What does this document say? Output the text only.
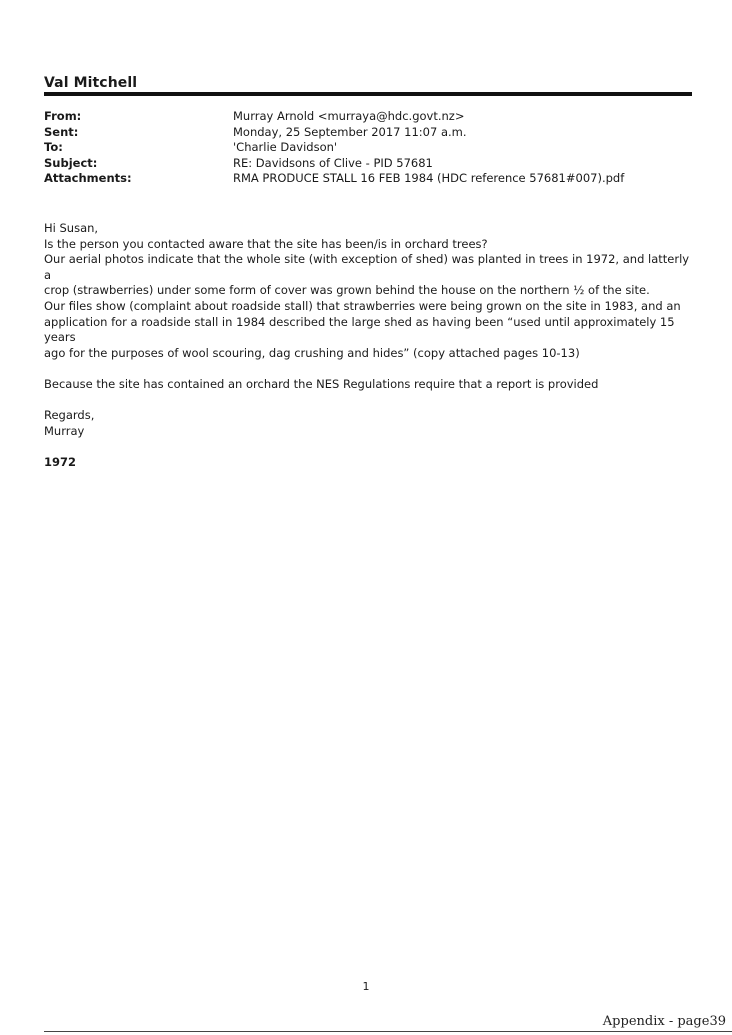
Val Mitchell
From:	Murray Arnold <murraya@hdc.govt.nz>
Sent:	Monday, 25 September 2017 11:07 a.m.
To:	'Charlie Davidson'
Subject:	RE: Davidsons of Clive - PID 57681
Attachments:	RMA PRODUCE STALL 16 FEB 1984 (HDC reference 57681#007).pdf

Hi Susan,

Is the person you contacted aware that the site has been/is in orchard trees?

Our aerial photos indicate that the whole site (with exception of shed) was planted in trees in 1972, and latterly a

crop (strawberries) under some form of cover was grown behind the house on the northern ½ of the site.

Our files show (complaint about roadside stall) that strawberries were being grown on the site in 1983, and an

application for a roadside stall in 1984 described the large shed as having been “used until approximately 15 years

ago for the purposes of wool scouring, dag crushing and hides” (copy attached pages 10-13)

Because the site has contained an orchard the NES Regulations require that a report is provided

Regards,

Murray

1972

1
Appendix - page39
